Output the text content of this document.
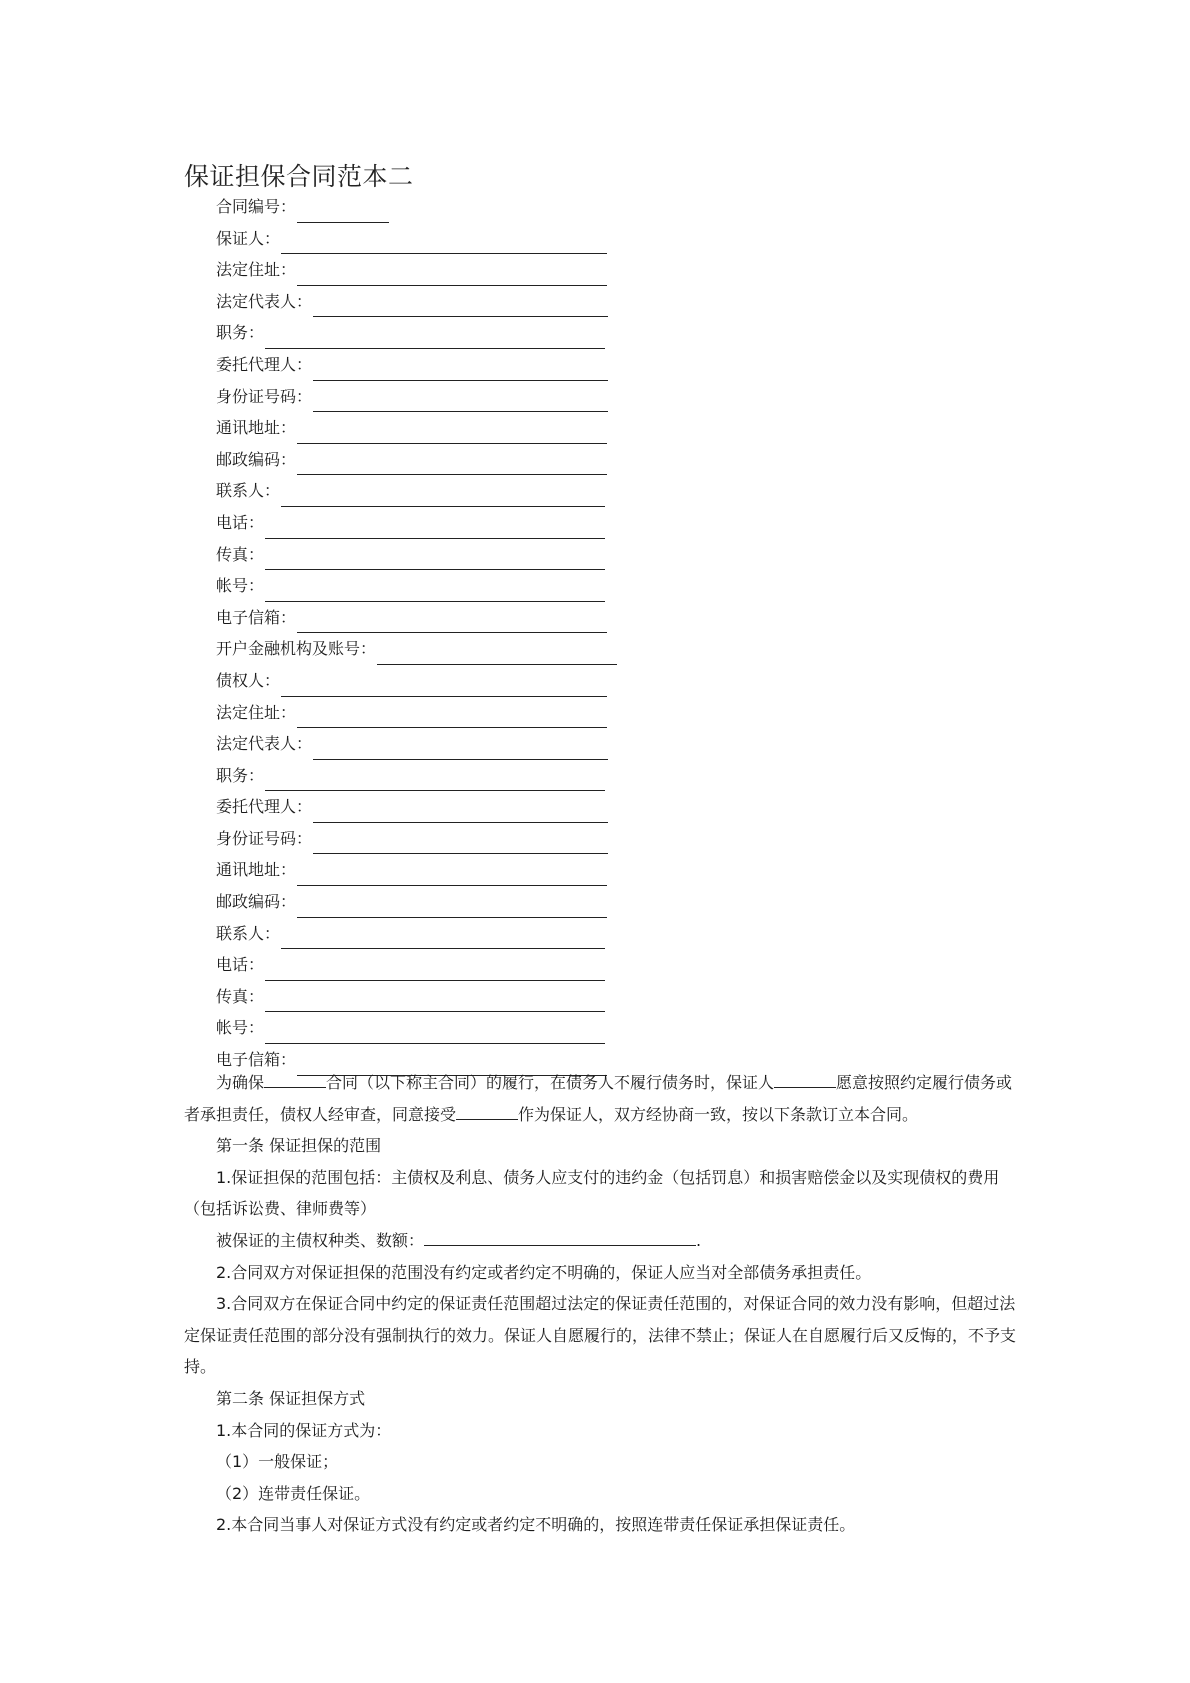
保证担保合同范本二
合同编号：
保证人：
法定住址：
法定代表人：
职务：
委托代理人：
身份证号码：
通讯地址：
邮政编码：
联系人：
电话：
传真：
帐号：
电子信箱：
开户金融机构及账号：
债权人：
法定住址：
法定代表人：
职务：
委托代理人：
身份证号码：
通讯地址：
邮政编码：
联系人：
电话：
传真：
帐号：
电子信箱：

为确保	合同（以下称主合同）的履行，在债务人不履行债务时，保证人	愿意按照约定履行债务或者承担责任，债权人经审查，同意接受	作为保证人，双方经协商一致，按以下条款订立本合同。

第一条 保证担保的范围

1.保证担保的范围包括：主债权及利息、债务人应支付的违约金（包括罚息）和损害赔偿金以及实现债权的费用（包括诉讼费、律师费等）

被保证的主债权种类、数额：	.

2.合同双方对保证担保的范围没有约定或者约定不明确的，保证人应当对全部债务承担责任。

3.合同双方在保证合同中约定的保证责任范围超过法定的保证责任范围的，对保证合同的效力没有影响，但超过法定保证责任范围的部分没有强制执行的效力。保证人自愿履行的，法律不禁止；保证人在自愿履行后又反悔的，不予支持。

第二条 保证担保方式

1.本合同的保证方式为：

（1）一般保证；

（2）连带责任保证。

2.本合同当事人对保证方式没有约定或者约定不明确的，按照连带责任保证承担保证责任。
